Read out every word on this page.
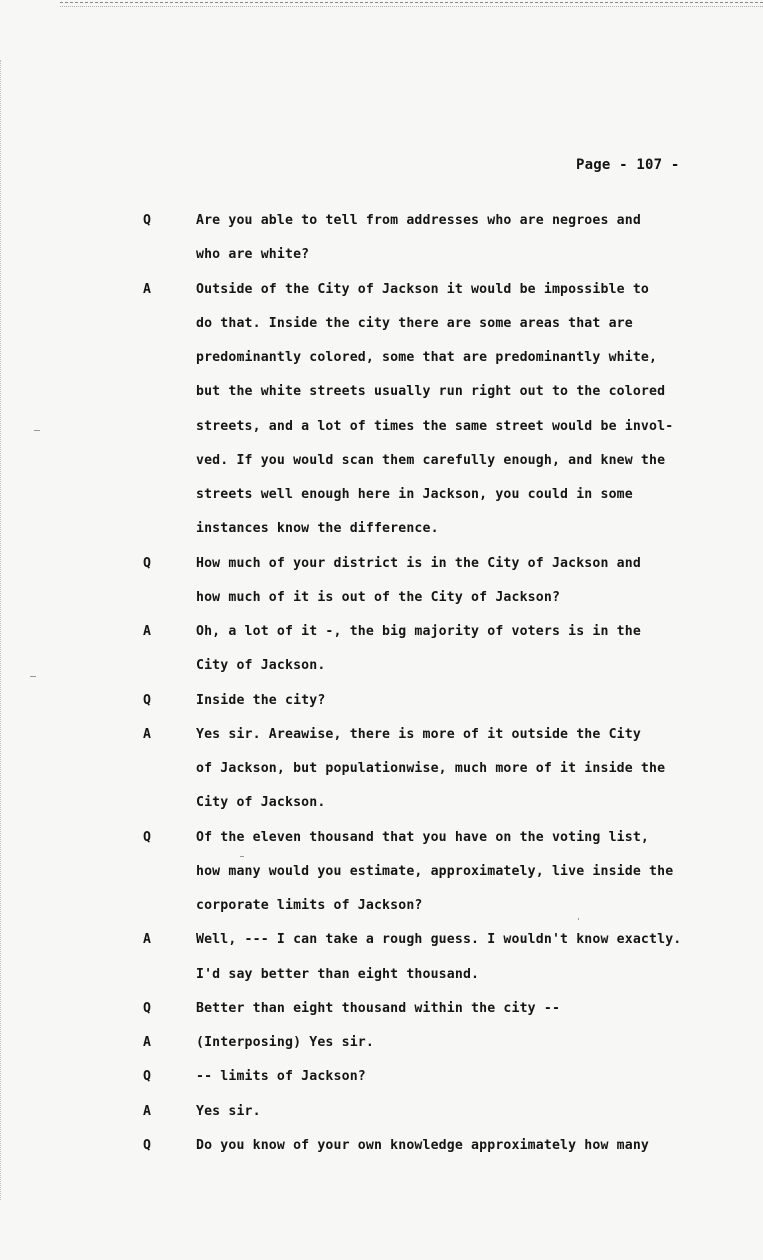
Page - 107 -
Q	Are you able to tell from addresses who are negroes and
who are white?
A	Outside of the City of Jackson it would be impossible to
do that. Inside the city there are some areas that are
predominantly colored, some that are predominantly white,
but the white streets usually run right out to the colored
streets, and a lot of times the same street would be invol-
ved. If you would scan them carefully enough, and knew the
streets well enough here in Jackson, you could in some
instances know the difference.
Q	How much of your district is in the City of Jackson and
how much of it is out of the City of Jackson?
A	Oh, a lot of it -, the big majority of voters is in the
City of Jackson.
Q	Inside the city?
A	Yes sir. Areawise, there is more of it outside the City
of Jackson, but populationwise, much more of it inside the
City of Jackson.
Q	Of the eleven thousand that you have on the voting list,
how many would you estimate, approximately, live inside the
corporate limits of Jackson?
A	Well, --- I can take a rough guess. I wouldn't know exactly.
I'd say better than eight thousand.
Q	Better than eight thousand within the city --
A	(Interposing) Yes sir.
Q	-- limits of Jackson?
A	Yes sir.
Q	Do you know of your own knowledge approximately how many
